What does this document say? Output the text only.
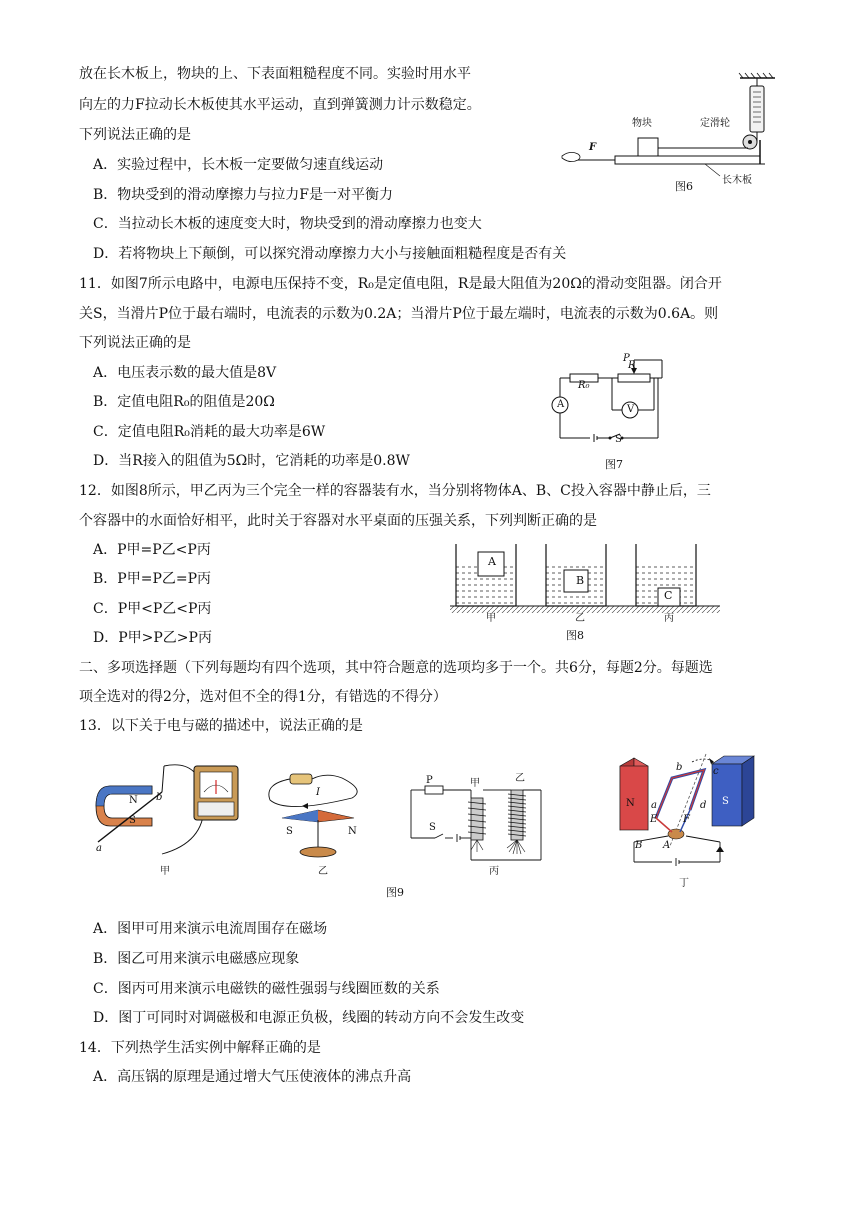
放在长木板上，物块的上、下表面粗糙程度不同。实验时用水平
向左的力F拉动长木板使其水平运动，直到弹簧测力计示数稳定。
下列说法正确的是
A．实验过程中，长木板一定要做匀速直线运动
B．物块受到的滑动摩擦力与拉力F是一对平衡力
C．当拉动长木板的速度变大时，物块受到的滑动摩擦力也变大
D．若将物块上下颠倒，可以探究滑动摩擦力大小与接触面粗糙程度是否有关
F
物块	定滑轮
长木板
图6
11．如图7所示电路中，电源电压保持不变，R₀是定值电阻，R是最大阻值为20Ω的滑动变阻器。闭合开
关S，当滑片P位于最右端时，电流表的示数为0.2A；当滑片P位于最左端时，电流表的示数为0.6A。则
下列说法正确的是
A．电压表示数的最大值是8V
B．定值电阻R₀的阻值是20Ω
C．定值电阻R₀消耗的最大功率是6W
D．当R接入的阻值为5Ω时，它消耗的功率是0.8W
P
R₀
R
A	V
S
图7
12．如图8所示，甲乙丙为三个完全一样的容器装有水，当分别将物体A、B、C投入容器中静止后，三
个容器中的水面恰好相平，此时关于容器对水平桌面的压强关系，下列判断正确的是
A．P甲=P乙<P丙
B．P甲=P乙=P丙
C．P甲<P乙<P丙
D．P甲>P乙>P丙
A
B
C
甲	乙	丙
图8
二、多项选择题（下列每题均有四个选项，其中符合题意的选项均多于一个。共6分，每题2分。每题选
项全选对的得2分，选对但不全的得1分，有错选的不得分）
13．以下关于电与磁的描述中，说法正确的是
N
S
a
b
甲
I
S	N
乙
P
S
甲	乙
丙
N	S
a
b	c
d
E	F
B A
丁
图9
A．图甲可用来演示电流周围存在磁场
B．图乙可用来演示电磁感应现象
C．图丙可用来演示电磁铁的磁性强弱与线圈匝数的关系
D．图丁可同时对调磁极和电源正负极，线圈的转动方向不会发生改变
14．下列热学生活实例中解释正确的是
A．高压锅的原理是通过增大气压使液体的沸点升高
